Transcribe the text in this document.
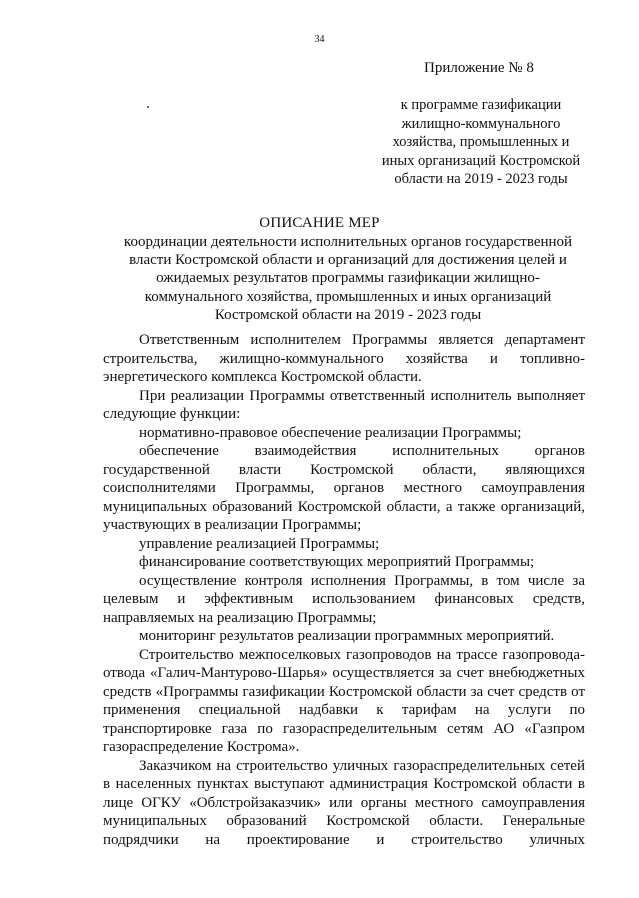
34
Приложение № 8
к программе газификации жилищно-коммунального хозяйства, промышленных и иных организаций Костромской области на 2019 - 2023 годы
ОПИСАНИЕ МЕР
координации деятельности исполнительных органов государственной власти Костромской области и организаций для достижения целей и ожидаемых результатов программы газификации жилищно-коммунального хозяйства, промышленных и иных организаций Костромской области на 2019 - 2023 годы

Ответственным исполнителем Программы является департамент строительства, жилищно-коммунального хозяйства и топливно-энергетического комплекса Костромской области.

При реализации Программы ответственный исполнитель выполняет следующие функции:

нормативно-правовое обеспечение реализации Программы;

обеспечение взаимодействия исполнительных органов государственной власти Костромской области, являющихся соисполнителями Программы, органов местного самоуправления муниципальных образований Костромской области, а также организаций, участвующих в реализации Программы;

управление реализацией Программы;

финансирование соответствующих мероприятий Программы;

осуществление контроля исполнения Программы, в том числе за целевым и эффективным использованием финансовых средств, направляемых на реализацию Программы;

мониторинг результатов реализации программных мероприятий.

Строительство межпоселковых газопроводов на трассе газопровода-отвода «Галич-Мантурово-Шарья» осуществляется за счет внебюджетных средств «Программы газификации Костромской области за счет средств от применения специальной надбавки к тарифам на услуги по транспортировке газа по газораспределительным сетям АО «Газпром газораспределение Кострома».

Заказчиком на строительство уличных газораспределительных сетей в населенных пунктах выступают администрация Костромской области в лице ОГКУ «Облстройзаказчик» или органы местного самоуправления муниципальных образований Костромской области. Генеральные подрядчики на проектирование и строительство уличных
